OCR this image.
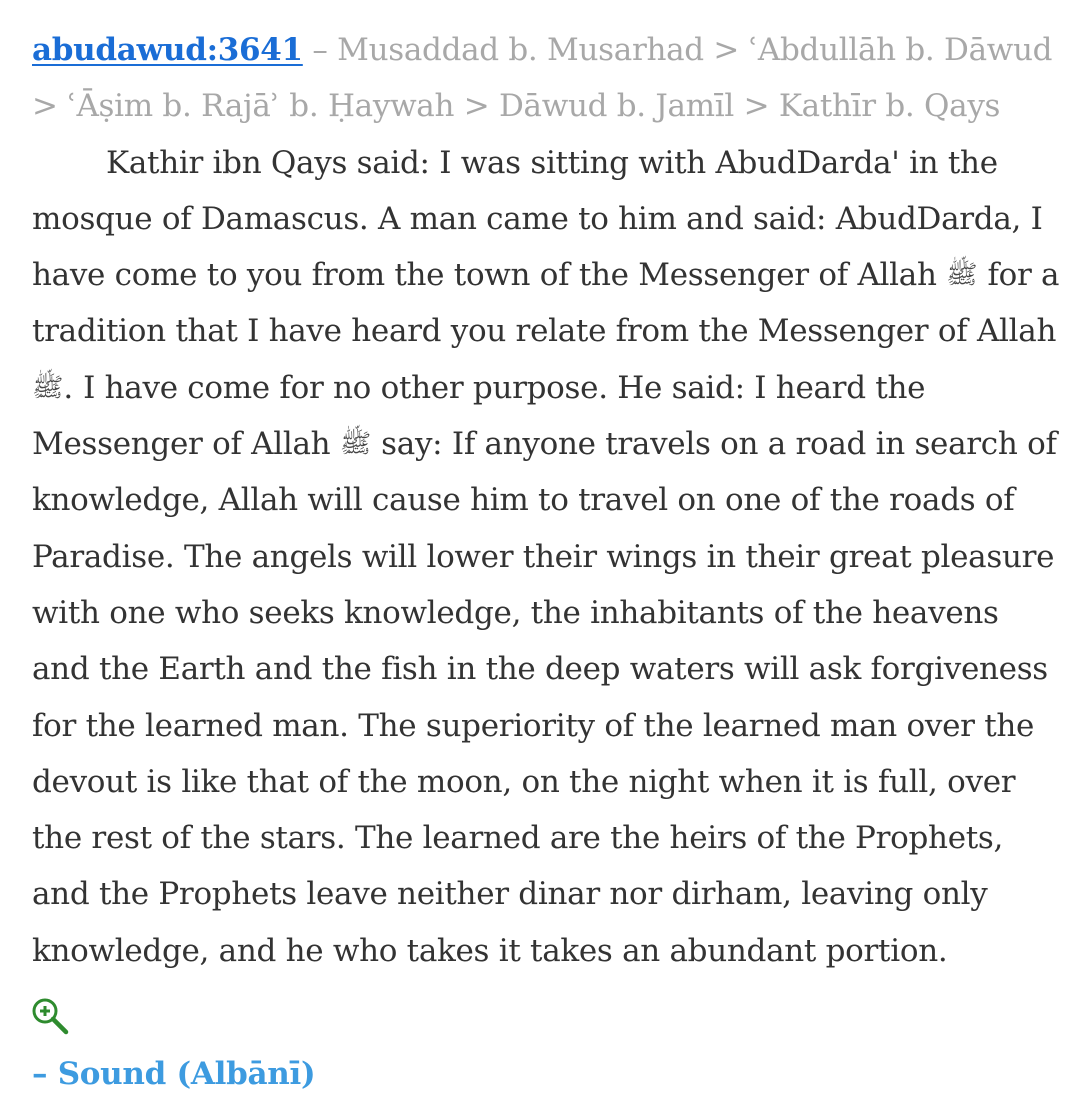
abudawud:3641 – Musaddad b. Musarhad > ʿAbdullāh b. Dāwud > ʿĀṣim b. Rajāʾ b. Ḥaywah > Dāwud b. Jamīl > Kathīr b. Qays

Kathir ibn Qays said: I was sitting with AbudDarda' in the mosque of Damascus. A man came to him and said: AbudDarda, I have come to you from the town of the Messenger of Allah ﷺ for a tradition that I have heard you relate from the Messenger of Allah ﷺ. I have come for no other purpose. He said: I heard the Messenger of Allah ﷺ say: If anyone travels on a road in search of knowledge, Allah will cause him to travel on one of the roads of Paradise. The angels will lower their wings in their great pleasure with one who seeks knowledge, the inhabitants of the heavens and the Earth and the fish in the deep waters will ask forgiveness for the learned man. The superiority of the learned man over the devout is like that of the moon, on the night when it is full, over the rest of the stars. The learned are the heirs of the Prophets, and the Prophets leave neither dinar nor dirham, leaving only knowledge, and he who takes it takes an abundant portion.

– Sound (Albānī)
